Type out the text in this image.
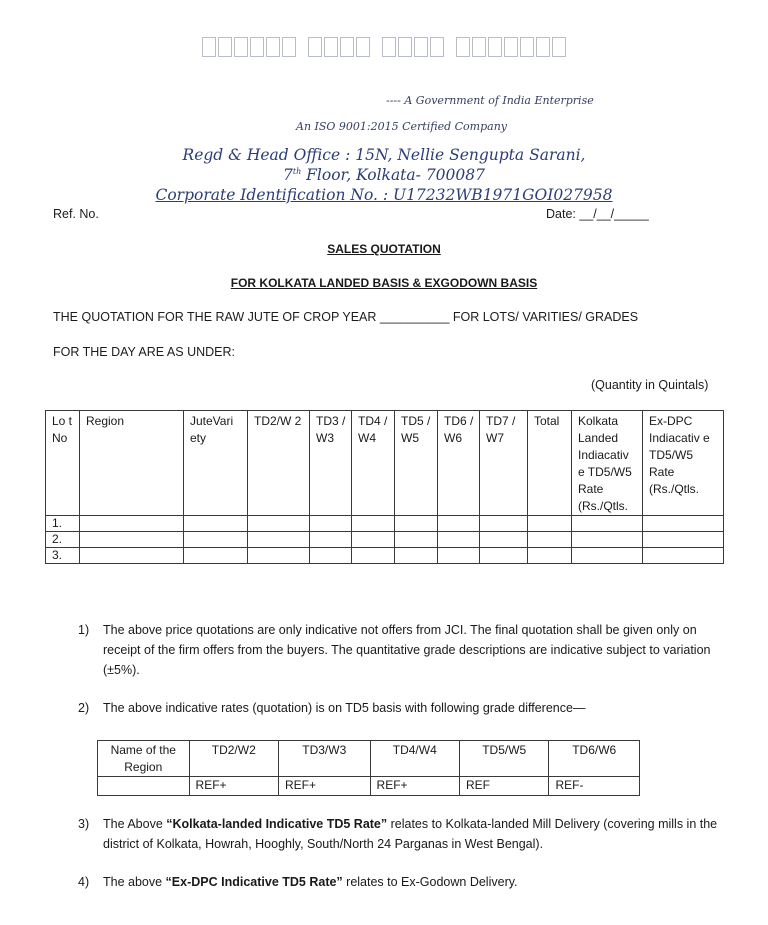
---- A Government of India Enterprise
An ISO 9001:2015 Certified Company
Regd & Head Office : 15N, Nellie Sengupta Sarani,
7th Floor, Kolkata- 700087
Corporate Identification No. : U17232WB1971GOI027958
Ref. No.	Date: __/__/_____
SALES QUOTATION
FOR KOLKATA LANDED BASIS & EXGODOWN BASIS
THE QUOTATION FOR THE RAW JUTE OF CROP YEAR __________ FOR LOTS/ VARITIES/ GRADES
FOR THE DAY ARE AS UNDER:
(Quantity in Quintals)
Lo t No	Region	JuteVari ety	TD2/W 2	TD3 / W3	TD4 / W4	TD5 / W5	TD6 / W6	TD7 / W7	Total	Kolkata Landed Indiacativ e TD5/W5 Rate (Rs./Qtls.	Ex-DPC Indiacativ e TD5/W5 Rate (Rs./Qtls.
1.											
2.											
3.											
1) The above price quotations are only indicative not offers from JCI. The final quotation shall be given only on receipt of the firm offers from the buyers. The quantitative grade descriptions are indicative subject to variation (±5%).
2) The above indicative rates (quotation) is on TD5 basis with following grade difference—
Name of the Region	TD2/W2	TD3/W3	TD4/W4	TD5/W5	TD6/W6
	REF+	REF+	REF+	REF	REF-
3) The Above “Kolkata-landed Indicative TD5 Rate” relates to Kolkata-landed Mill Delivery (covering mills in the district of Kolkata, Howrah, Hooghly, South/North 24 Parganas in West Bengal).
4) The above “Ex-DPC Indicative TD5 Rate” relates to Ex-Godown Delivery.
